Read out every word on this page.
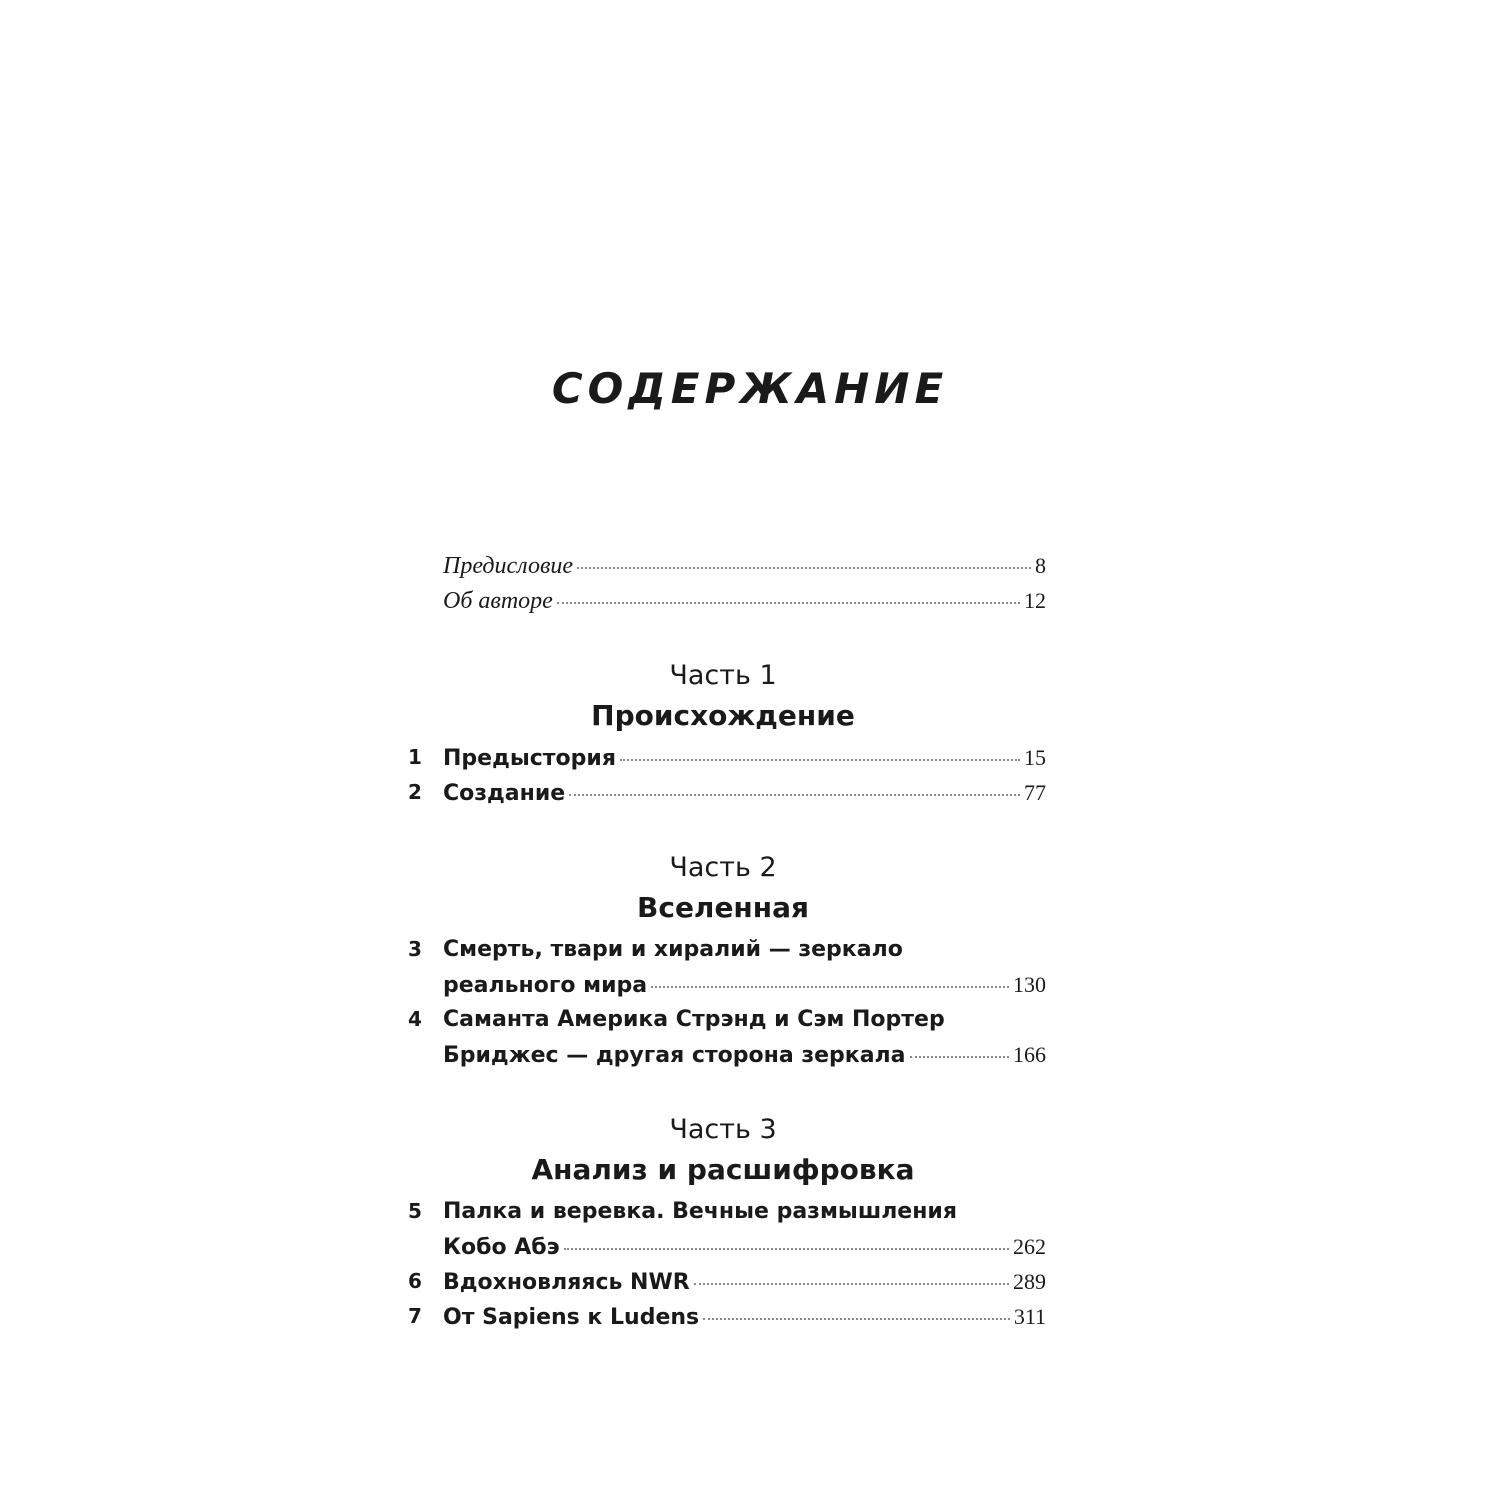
СОДЕРЖАНИЕ
Предисловие	8
Об авторе	12
Часть 1
Происхождение
1 Предыстория	15
2 Создание	77
Часть 2
Вселенная
3 Смерть, твари и хиралий — зеркало
реального мира	130
4 Саманта Америка Стрэнд и Сэм Портер
Бриджес — другая сторона зеркала	166
Часть 3
Анализ и расшифровка
5 Палка и веревка. Вечные размышления
Кобо Абэ	262
6 Вдохновляясь NWR	289
7 От Sapiens к Ludens	311
